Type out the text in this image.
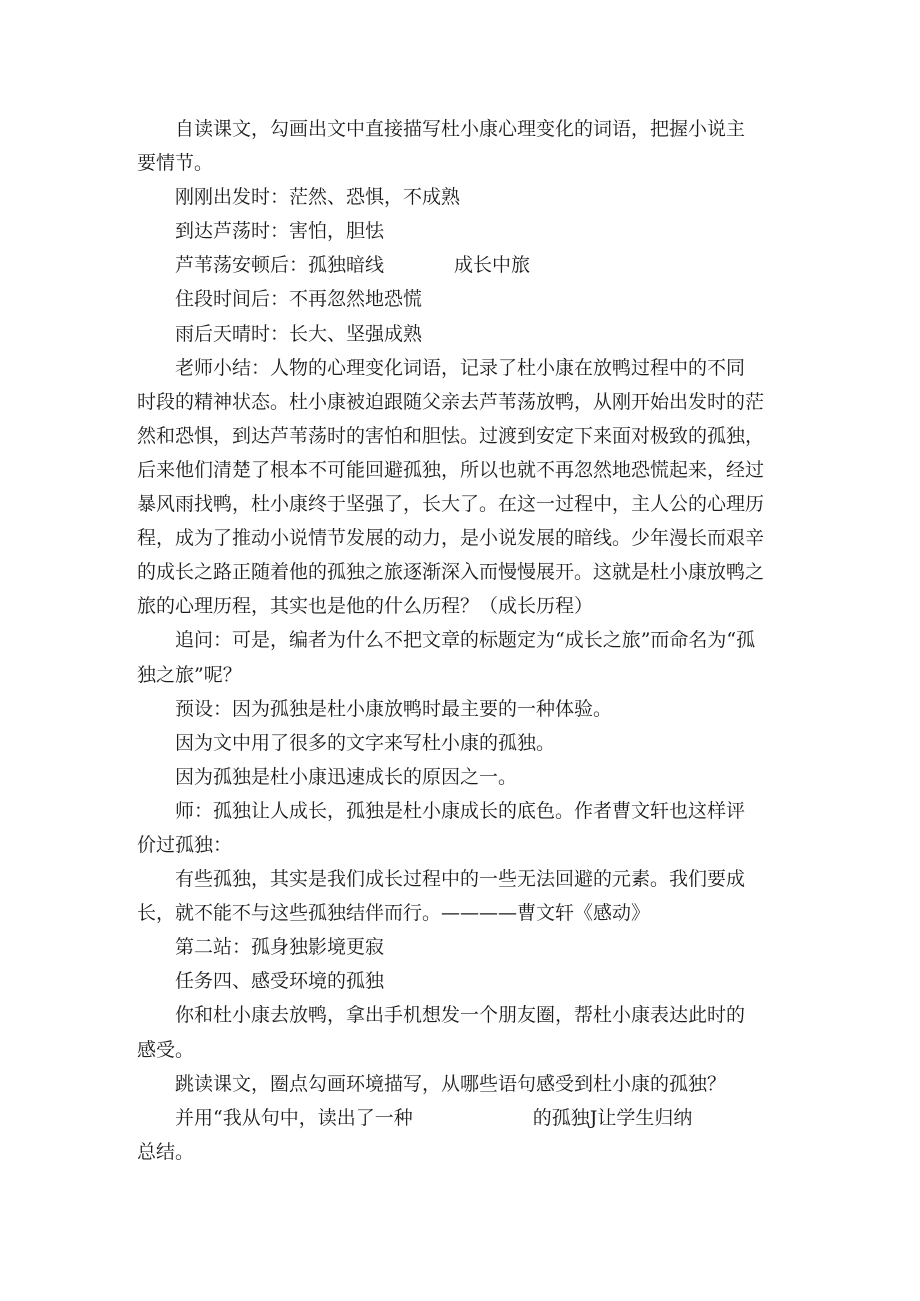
自读课文，勾画出文中直接描写杜小康心理变化的词语，把握小说主
要情节。
刚刚出发时：茫然、恐惧，不成熟
到达芦荡时：害怕，胆怯
芦苇荡安顿后：孤独暗线	成长中旅
住段时间后：不再忽然地恐慌
雨后天晴时：长大、坚强成熟
老师小结：人物的心理变化词语，记录了杜小康在放鸭过程中的不同
时段的精神状态。杜小康被迫跟随父亲去芦苇荡放鸭，从刚开始出发时的茫
然和恐惧，到达芦苇荡时的害怕和胆怯。过渡到安定下来面对极致的孤独，
后来他们清楚了根本不可能回避孤独，所以也就不再忽然地恐慌起来，经过
暴风雨找鸭，杜小康终于坚强了，长大了。在这一过程中，主人公的心理历
程，成为了推动小说情节发展的动力，是小说发展的暗线。少年漫长而艰辛
的成长之路正随着他的孤独之旅逐渐深入而慢慢展开。这就是杜小康放鸭之
旅的心理历程，其实也是他的什么历程？（成长历程）
追问：可是，编者为什么不把文章的标题定为“成长之旅”而命名为“孤
独之旅”呢？
预设：因为孤独是杜小康放鸭时最主要的一种体验。
因为文中用了很多的文字来写杜小康的孤独。
因为孤独是杜小康迅速成长的原因之一。
师：孤独让人成长，孤独是杜小康成长的底色。作者曹文轩也这样评
价过孤独：
有些孤独，其实是我们成长过程中的一些无法回避的元素。我们要成
长，就不能不与这些孤独结伴而行。————曹文轩《感动》
第二站：孤身独影境更寂
任务四、感受环境的孤独
你和杜小康去放鸭，拿出手机想发一个朋友圈，帮杜小康表达此时的
感受。
跳读课文，圈点勾画环境描写，从哪些语句感受到杜小康的孤独？
并用“我从句中，读出了一种	的孤独J让学生归纳
总结。
